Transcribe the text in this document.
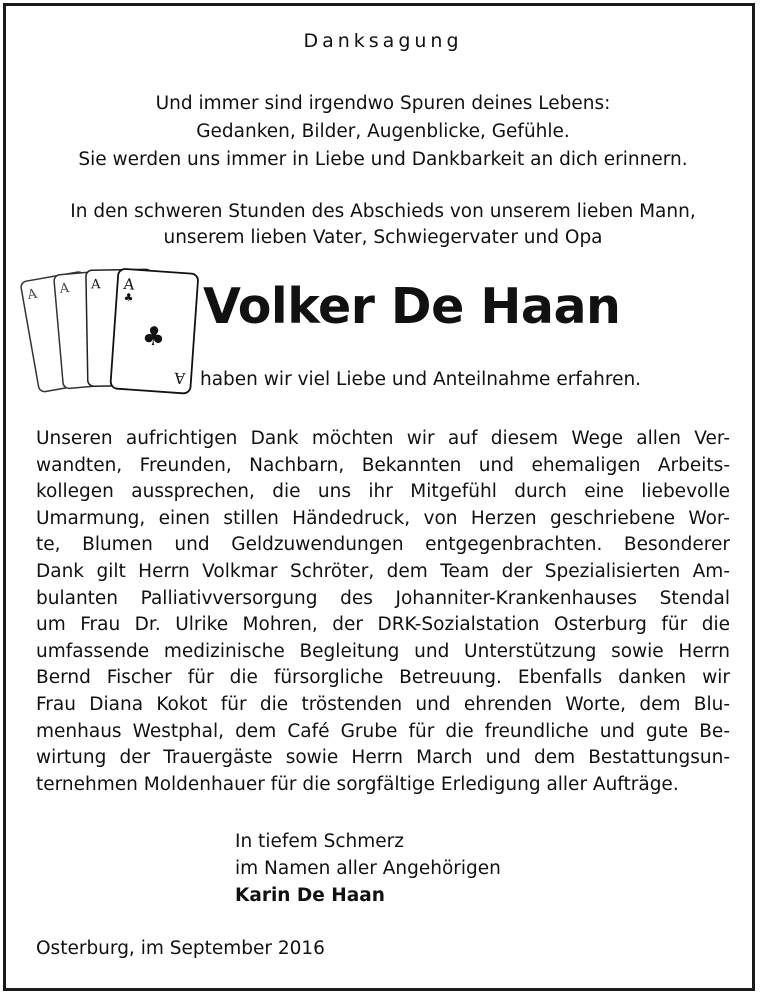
Danksagung
Und immer sind irgendwo Spuren deines Lebens:
Gedanken, Bilder, Augenblicke, Gefühle.
Sie werden uns immer in Liebe und Dankbarkeit an dich erinnern.
In den schweren Stunden des Abschieds von unserem lieben Mann,
unserem lieben Vater, Schwiegervater und Opa
A A A A
♣
♣
A
Volker De Haan
haben wir viel Liebe und Anteilnahme erfahren.
Unseren aufrichtigen Dank möchten wir auf diesem Wege allen Ver-
wandten, Freunden, Nachbarn, Bekannten und ehemaligen Arbeits-
kollegen aussprechen, die uns ihr Mitgefühl durch eine liebevolle
Umarmung, einen stillen Händedruck, von Herzen geschriebene Wor-
te, Blumen und Geldzuwendungen entgegenbrachten. Besonderer
Dank gilt Herrn Volkmar Schröter, dem Team der Spezialisierten Am-
bulanten Palliativversorgung des Johanniter-Krankenhauses Stendal
um Frau Dr. Ulrike Mohren, der DRK-Sozialstation Osterburg für die
umfassende medizinische Begleitung und Unterstützung sowie Herrn
Bernd Fischer für die fürsorgliche Betreuung. Ebenfalls danken wir
Frau Diana Kokot für die tröstenden und ehrenden Worte, dem Blu-
menhaus Westphal, dem Café Grube für die freundliche und gute Be-
wirtung der Trauergäste sowie Herrn March und dem Bestattungsun-
ternehmen Moldenhauer für die sorgfältige Erledigung aller Aufträge.
In tiefem Schmerz
im Namen aller Angehörigen
Karin De Haan
Osterburg, im September 2016
